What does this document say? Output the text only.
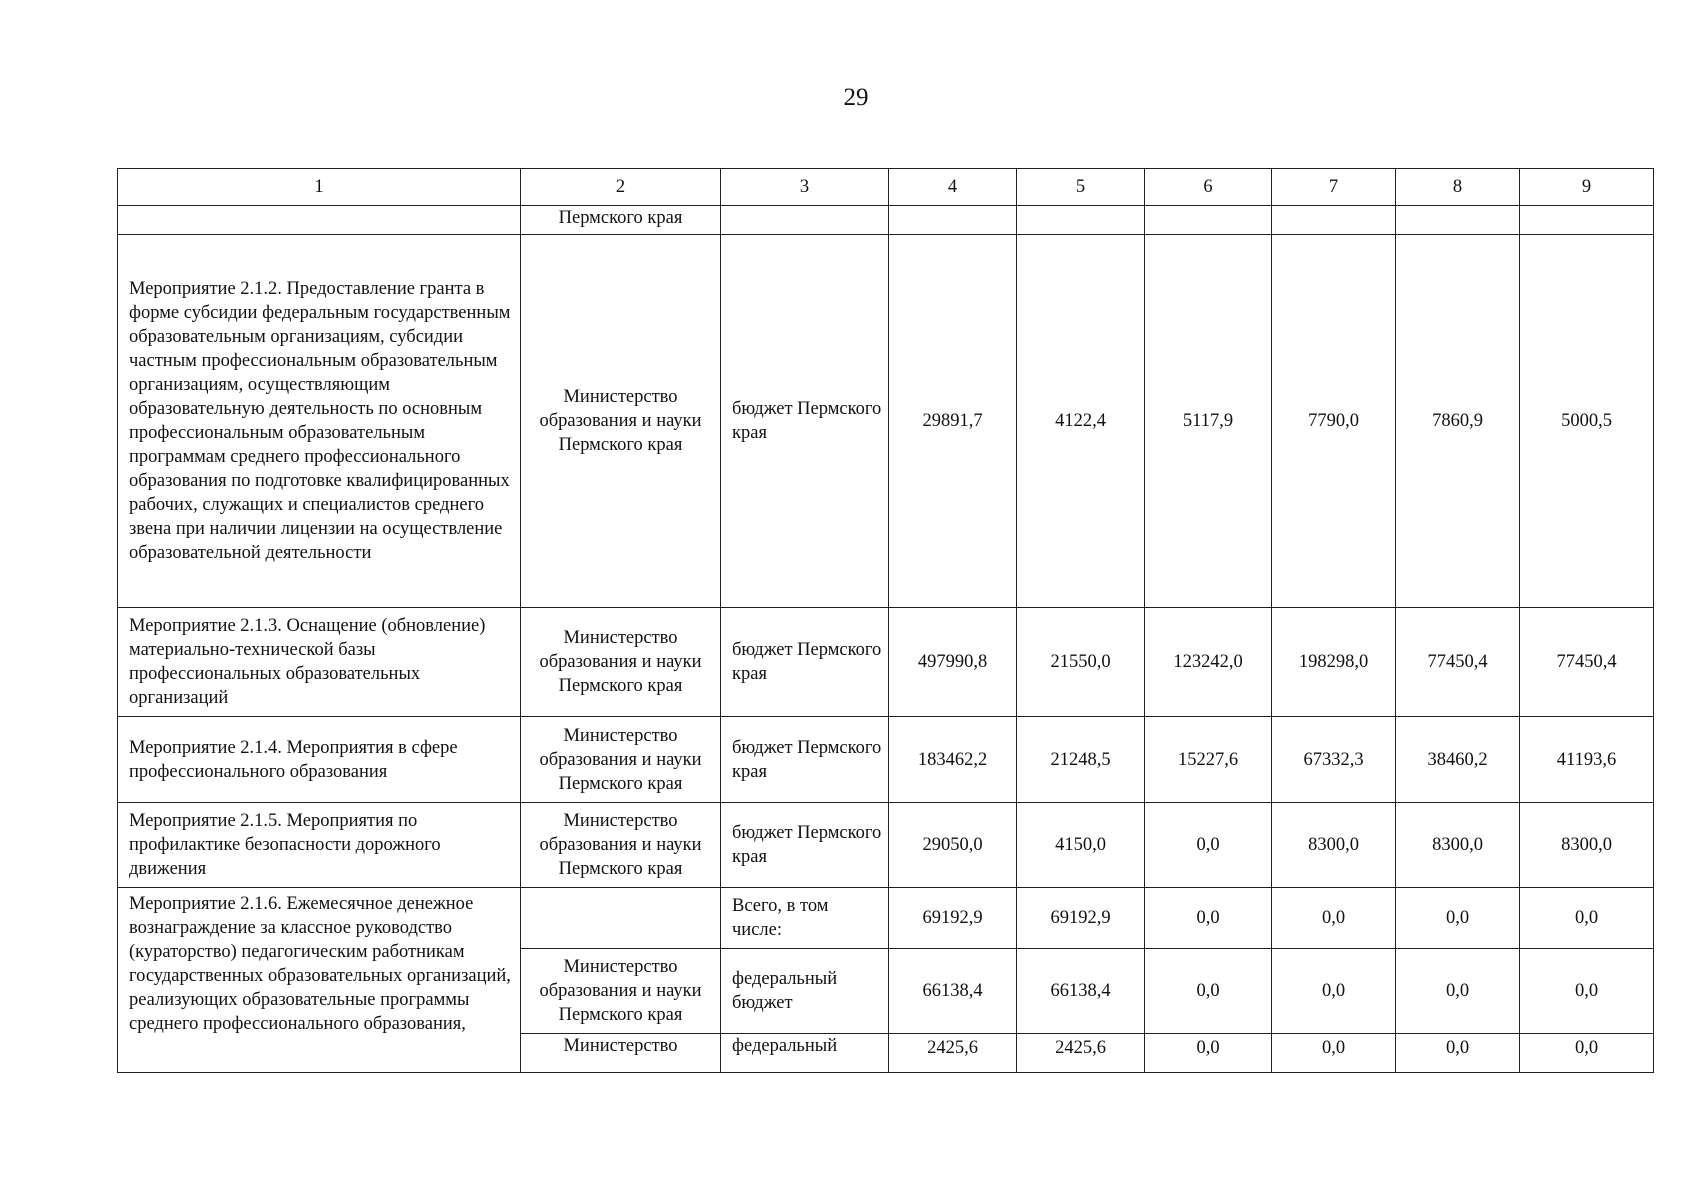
29
1	2	3	4	5	6	7	8	9
	Пермского края							
Мероприятие 2.1.2. Предоставление гранта в форме субсидии федеральным государственным образовательным организациям, субсидии частным профессиональным образовательным организациям, осуществляющим образовательную деятельность по основным профессиональным образовательным программам среднего профессионального образования по подготовке квалифицированных рабочих, служащих и специалистов среднего звена при наличии лицензии на осуществление образовательной деятельности	Министерство образования и науки Пермского края	бюджет Пермского края	29891,7	4122,4	5117,9	7790,0	7860,9	5000,5
Мероприятие 2.1.3. Оснащение (обновление) материально-технической базы профессиональных образовательных организаций	Министерство образования и науки Пермского края	бюджет Пермского края	497990,8	21550,0	123242,0	198298,0	77450,4	77450,4
Мероприятие 2.1.4. Мероприятия в сфере профессионального образования	Министерство образования и науки Пермского края	бюджет Пермского края	183462,2	21248,5	15227,6	67332,3	38460,2	41193,6
Мероприятие 2.1.5. Мероприятия по профилактике безопасности дорожного движения	Министерство образования и науки Пермского края	бюджет Пермского края	29050,0	4150,0	0,0	8300,0	8300,0	8300,0
Мероприятие 2.1.6. Ежемесячное денежное вознаграждение за классное руководство (кураторство) педагогическим работникам государственных образовательных организаций, реализующих образовательные программы среднего профессионального образования,		Всего, в том числе:	69192,9	69192,9	0,0	0,0	0,0	0,0
	Министерство образования и науки Пермского края	федеральный бюджет	66138,4	66138,4	0,0	0,0	0,0	0,0
	Министерство	федеральный	2425,6	2425,6	0,0	0,0	0,0	0,0
